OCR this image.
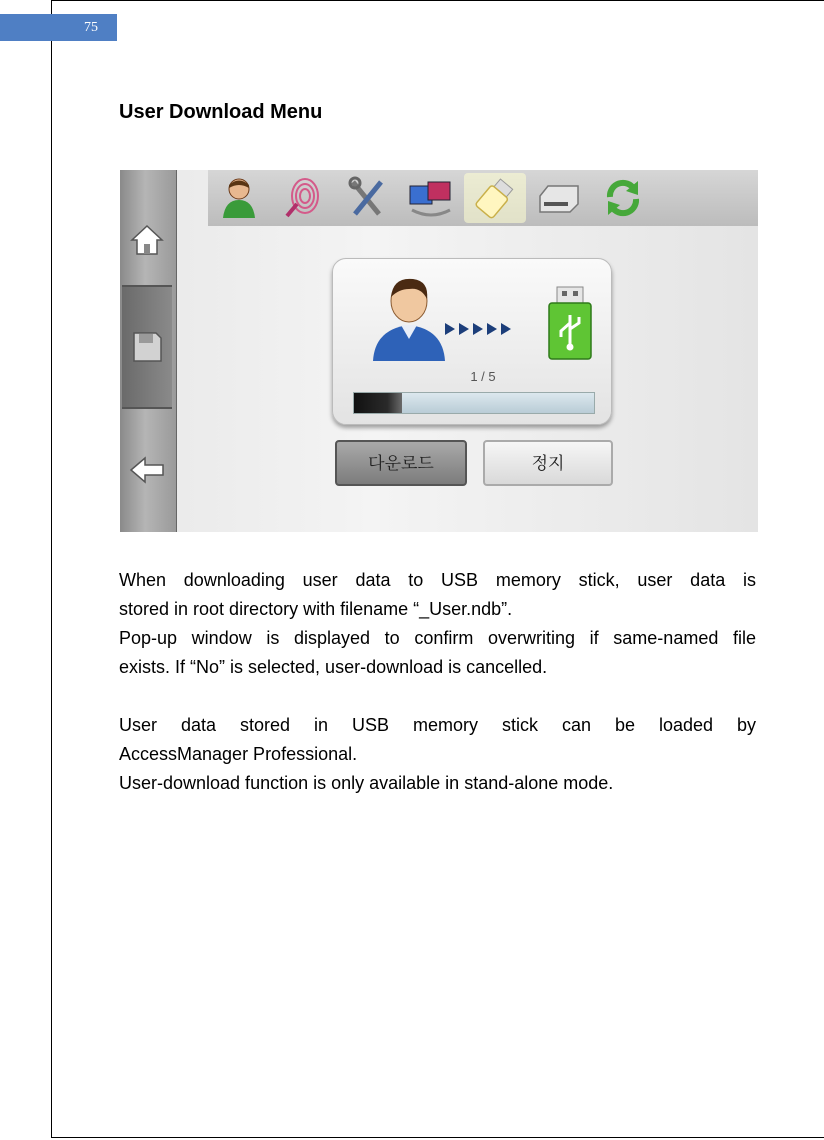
75
User Download Menu
1 / 5
다운로드	정지

When downloading user data to USB memory stick, user data is

stored in root directory with filename “_User.ndb”.

Pop-up window is displayed to confirm overwriting if same-named file

exists. If “No” is selected, user-download is cancelled.

User data stored in USB memory stick can be loaded by

AccessManager Professional.

User-download function is only available in stand-alone mode.
